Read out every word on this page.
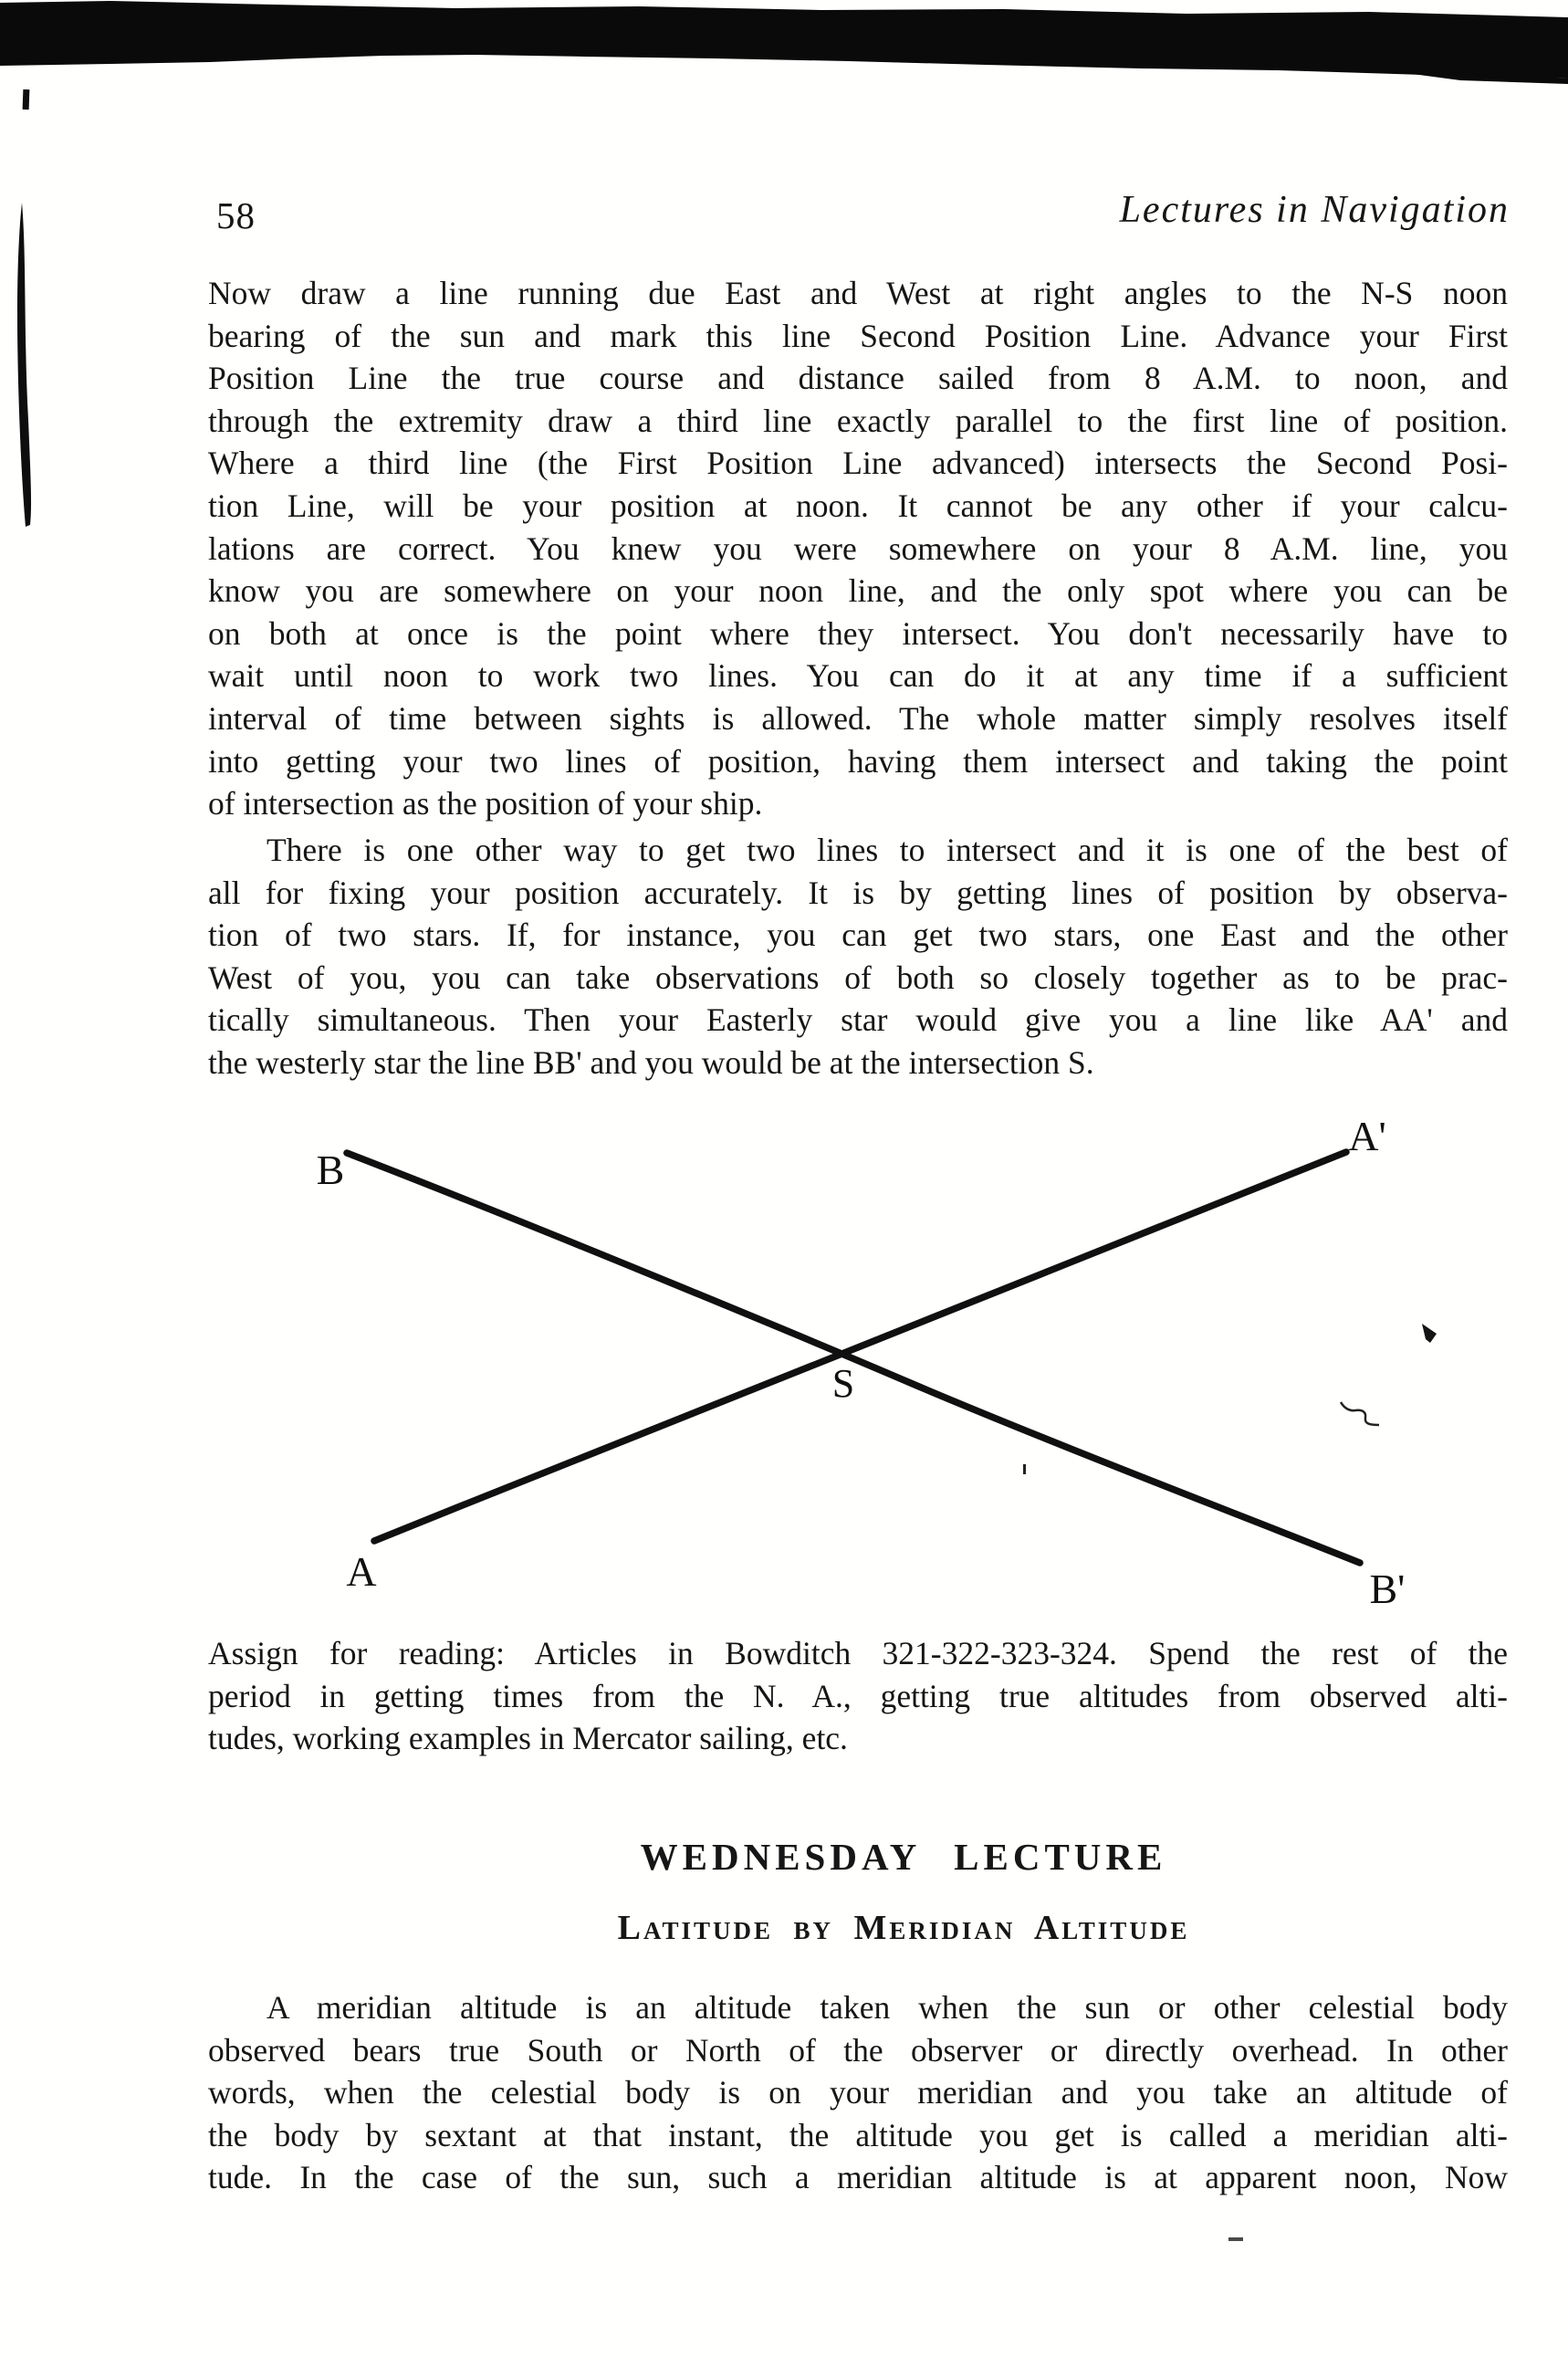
58	Lectures in Navigation
Now draw a line running due East and West at right angles to the N-S noon
bearing of the sun and mark this line Second Position Line. Advance your First
Position Line the true course and distance sailed from 8 A.M. to noon, and
through the extremity draw a third line exactly parallel to the first line of position.
Where a third line (the First Position Line advanced) intersects the Second Posi-
tion Line, will be your position at noon. It cannot be any other if your calcu-
lations are correct. You knew you were somewhere on your 8 A.M. line, you
know you are somewhere on your noon line, and the only spot where you can be
on both at once is the point where they intersect. You don't necessarily have to
wait until noon to work two lines. You can do it at any time if a sufficient
interval of time between sights is allowed. The whole matter simply resolves itself
into getting your two lines of position, having them intersect and taking the point
of intersection as the position of your ship.
There is one other way to get two lines to intersect and it is one of the best of
all for fixing your position accurately. It is by getting lines of position by observa-
tion of two stars. If, for instance, you can get two stars, one East and the other
West of you, you can take observations of both so closely together as to be prac-
tically simultaneous. Then your Easterly star would give you a line like AA' and
the westerly star the line BB' and you would be at the intersection S.
B
A'
A	B'
S
Assign for reading: Articles in Bowditch 321-322-323-324. Spend the rest of the
period in getting times from the N. A., getting true altitudes from observed alti-
tudes, working examples in Mercator sailing, etc.
WEDNESDAY LECTURE
Latitude by Meridian Altitude
A meridian altitude is an altitude taken when the sun or other celestial body
observed bears true South or North of the observer or directly overhead. In other
words, when the celestial body is on your meridian and you take an altitude of
the body by sextant at that instant, the altitude you get is called a meridian alti-
tude. In the case of the sun, such a meridian altitude is at apparent noon, Now
